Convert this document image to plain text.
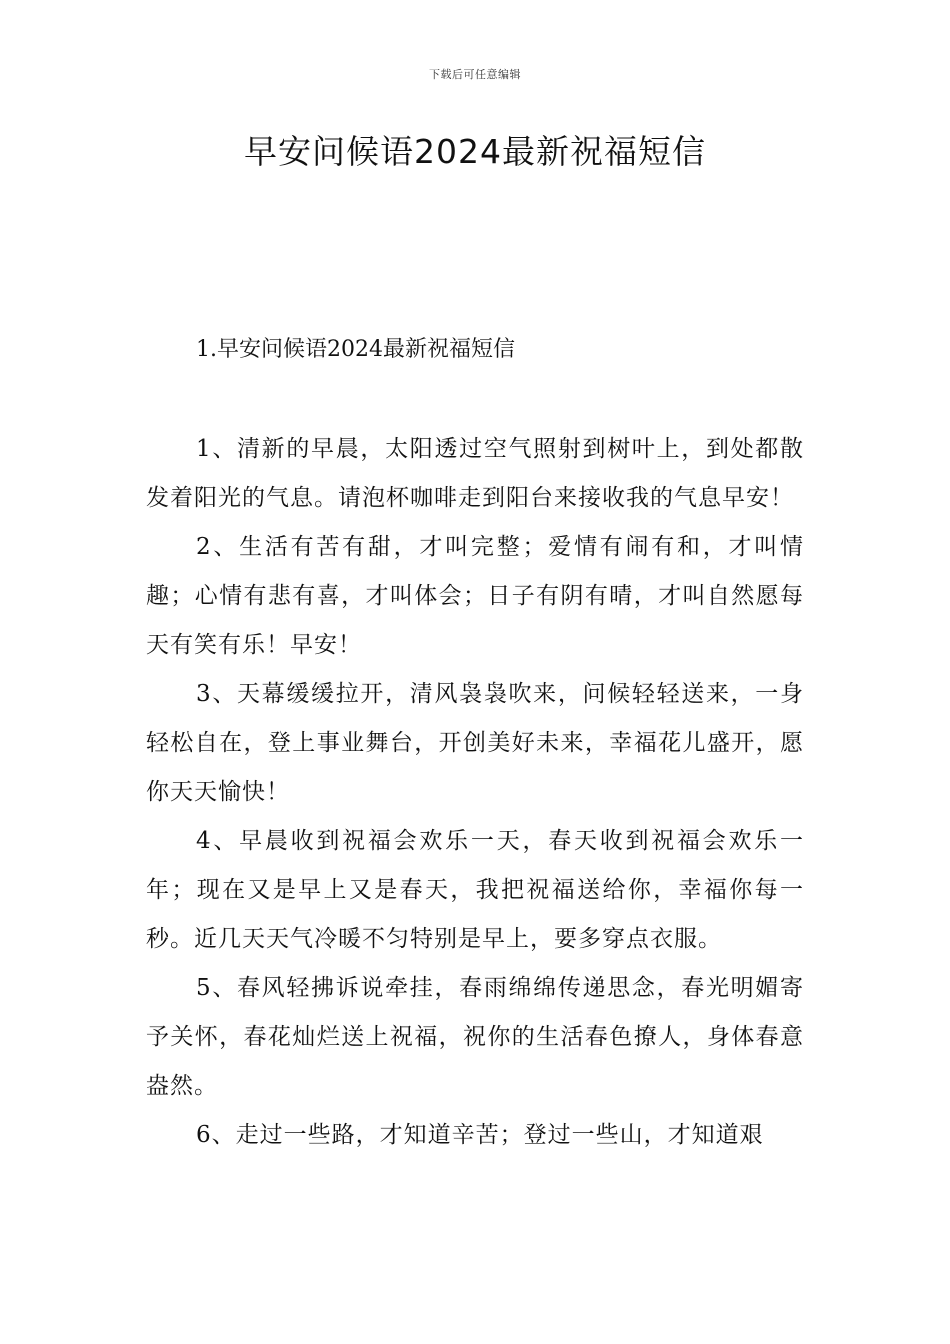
下载后可任意编辑
早安问候语2024最新祝福短信
1.早安问候语2024最新祝福短信

1、清新的早晨，太阳透过空气照射到树叶上，到处都散发着阳光的气息。请泡杯咖啡走到阳台来接收我的气息早安！

2、生活有苦有甜，才叫完整；爱情有闹有和，才叫情趣；心情有悲有喜，才叫体会；日子有阴有晴，才叫自然愿每天有笑有乐！早安！

3、天幕缓缓拉开，清风袅袅吹来，问候轻轻送来，一身轻松自在，登上事业舞台，开创美好未来，幸福花儿盛开，愿你天天愉快！

4、早晨收到祝福会欢乐一天，春天收到祝福会欢乐一年；现在又是早上又是春天，我把祝福送给你，幸福你每一秒。近几天天气冷暖不匀特别是早上，要多穿点衣服。

5、春风轻拂诉说牵挂，春雨绵绵传递思念，春光明媚寄予关怀，春花灿烂送上祝福，祝你的生活春色撩人，身体春意盎然。

6、走过一些路，才知道辛苦；登过一些山，才知道艰
